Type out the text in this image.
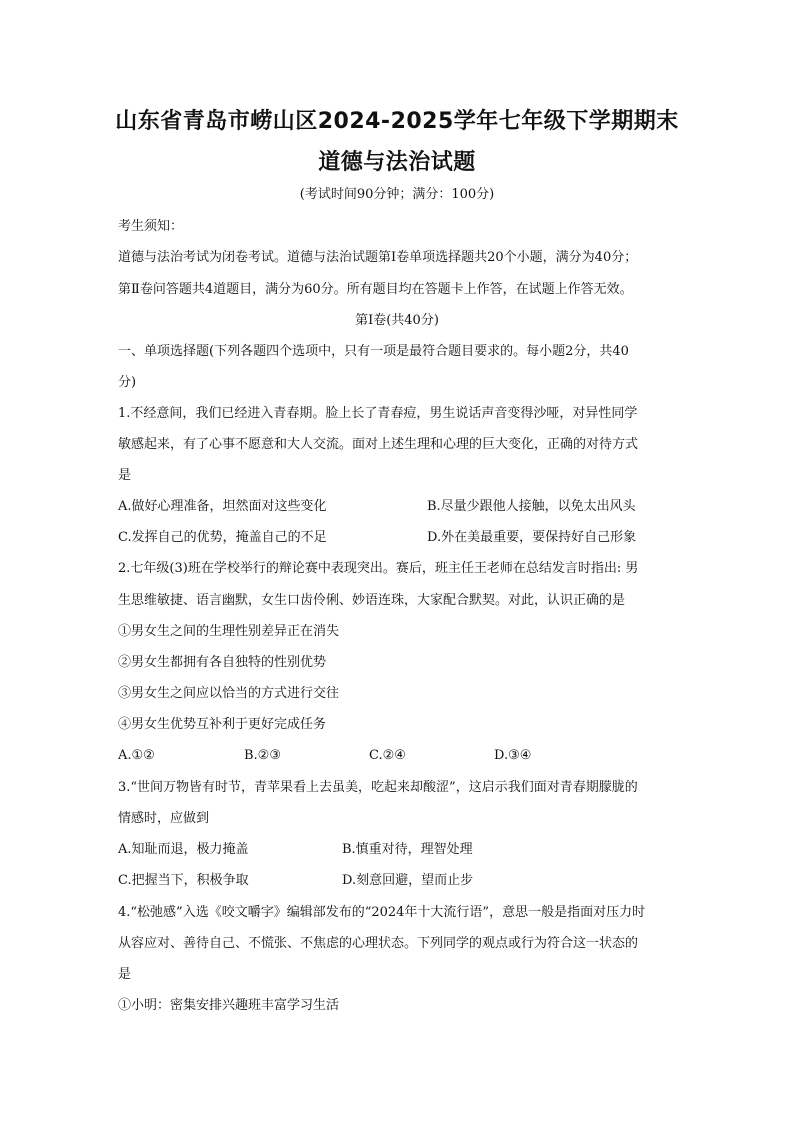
山东省青岛市崂山区2024-2025学年七年级下学期期末
道德与法治试题
(考试时间90分钟；满分：100分)
考生须知：
道德与法治考试为闭卷考试。道德与法治试题第Ⅰ卷单项选择题共20个小题，满分为40分；
第Ⅱ卷问答题共4道题目，满分为60分。所有题目均在答题卡上作答，在试题上作答无效。
第Ⅰ卷(共40分)
一、单项选择题(下列各题四个选项中，只有一项是最符合题目要求的。每小题2分，共40
分)
1.不经意间，我们已经进入青春期。脸上长了青春痘，男生说话声音变得沙哑，对异性同学
敏感起来，有了心事不愿意和大人交流。面对上述生理和心理的巨大变化，正确的对待方式
是
A.做好心理准备，坦然面对这些变化	B.尽量少跟他人接触，以免太出风头
C.发挥自己的优势，掩盖自己的不足	D.外在美最重要，要保持好自己形象
2.七年级(3)班在学校举行的辩论赛中表现突出。赛后，班主任王老师在总结发言时指出: 男
生思维敏捷、语言幽默，女生口齿伶俐、妙语连珠，大家配合默契。对此，认识正确的是
①男女生之间的生理性别差异正在消失
②男女生都拥有各自独特的性别优势
③男女生之间应以恰当的方式进行交往
④男女生优势互补利于更好完成任务
A.①②	B.②③	C.②④	D.③④
3.“世间万物皆有时节，青苹果看上去虽美，吃起来却酸涩”，这启示我们面对青春期朦胧的
情感时，应做到
A.知耻而退，极力掩盖	B.慎重对待，理智处理
C.把握当下，积极争取	D.刻意回避，望而止步
4.“松弛感”入选《咬文嚼字》编辑部发布的“2024年十大流行语”，意思一般是指面对压力时
从容应对、善待自己、不慌张、不焦虑的心理状态。下列同学的观点或行为符合这一状态的
是
①小明：密集安排兴趣班丰富学习生活
